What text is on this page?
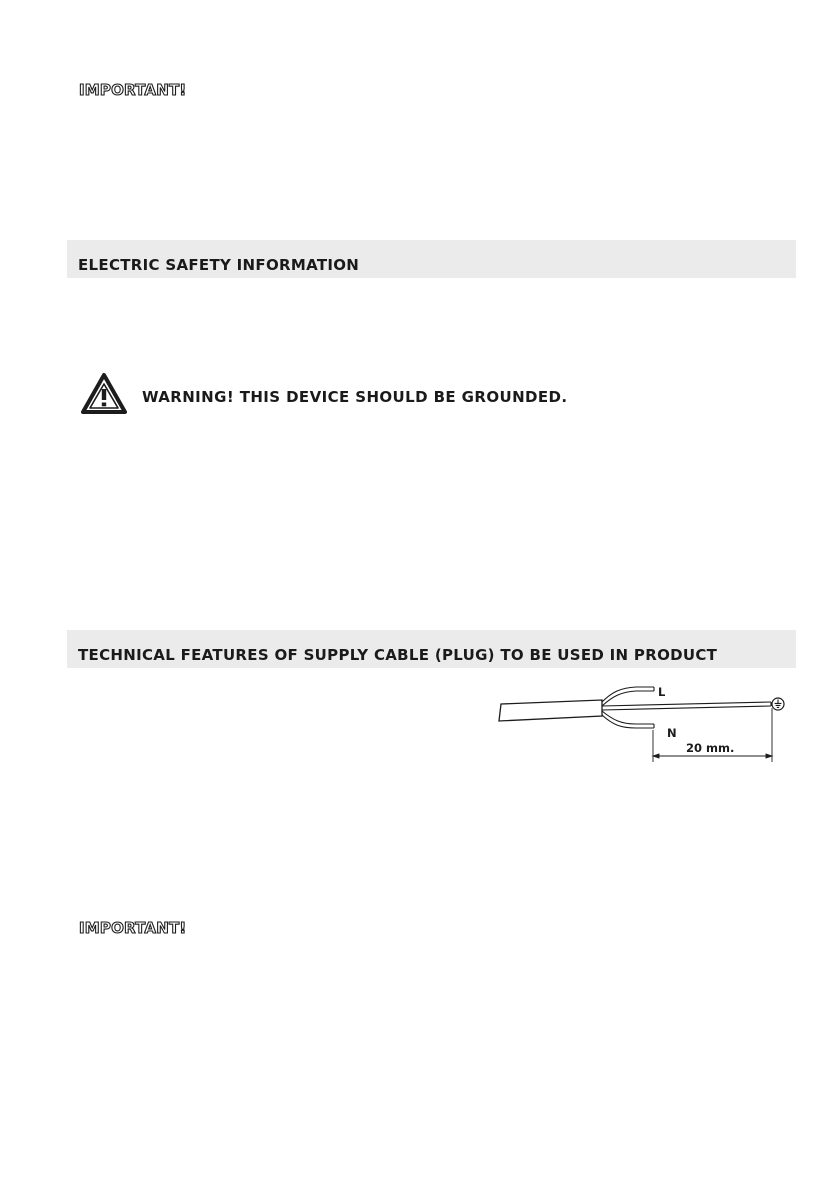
IMPORTANT!
ELECTRIC SAFETY INFORMATION
WARNING! THIS DEVICE SHOULD BE GROUNDED.
TECHNICAL FEATURES OF SUPPLY CABLE (PLUG) TO BE USED IN PRODUCT
L
N
20 mm.
IMPORTANT!
